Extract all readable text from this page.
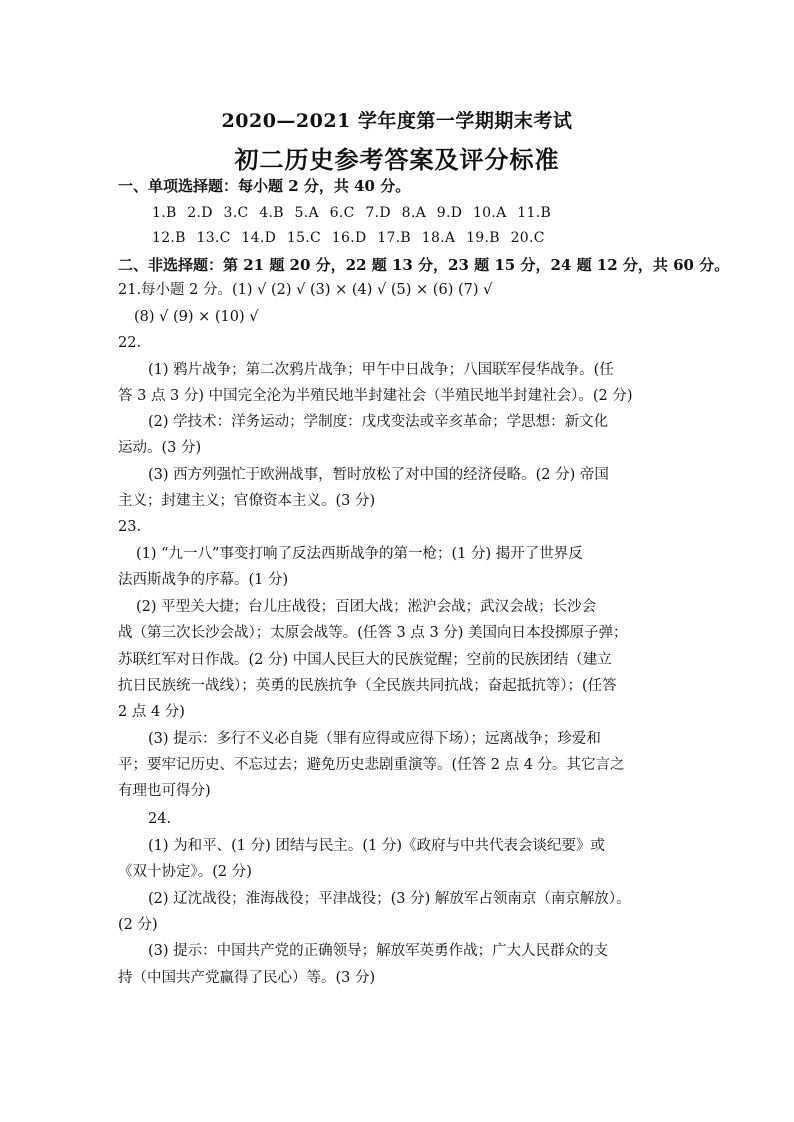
2020—2021 学年度第一学期期末考试
初二历史参考答案及评分标准
一、单项选择题：每小题 2 分，共 40 分。
1.B 2.D 3.C 4.B 5.A 6.C 7.D 8.A 9.D 10.A 11.B
12.B 13.C 14.D 15.C 16.D 17.B 18.A 19.B 20.C
二、非选择题：第 21 题 20 分，22 题 13 分，23 题 15 分，24 题 12 分，共 60 分。
21.每小题 2 分。(1) √ (2) √ (3) × (4) √ (5) × (6) (7) √
(8) √ (9) × (10) √
22.
(1) 鸦片战争；第二次鸦片战争；甲午中日战争；八国联军侵华战争。(任
答 3 点 3 分) 中国完全沦为半殖民地半封建社会（半殖民地半封建社会）。(2 分)
(2) 学技术：洋务运动；学制度：戊戌变法或辛亥革命；学思想：新文化
运动。(3 分)
(3) 西方列强忙于欧洲战事，暂时放松了对中国的经济侵略。(2 分) 帝国
主义；封建主义；官僚资本主义。(3 分)
23.
(1) “九一八”事变打响了反法西斯战争的第一枪；(1 分) 揭开了世界反
法西斯战争的序幕。(1 分)
(2) 平型关大捷；台儿庄战役；百团大战；淞沪会战；武汉会战；长沙会
战（第三次长沙会战）；太原会战等。(任答 3 点 3 分) 美国向日本投掷原子弹；
苏联红军对日作战。(2 分) 中国人民巨大的民族觉醒；空前的民族团结（建立
抗日民族统一战线）；英勇的民族抗争（全民族共同抗战；奋起抵抗等）；(任答
2 点 4 分)
(3) 提示：多行不义必自毙（罪有应得或应得下场）；远离战争；珍爱和
平；要牢记历史、不忘过去；避免历史悲剧重演等。(任答 2 点 4 分。其它言之
有理也可得分)
24.
(1) 为和平、(1 分) 团结与民主。(1 分)《政府与中共代表会谈纪要》或
《双十协定》。(2 分)
(2) 辽沈战役；淮海战役；平津战役；(3 分) 解放军占领南京（南京解放）。
(2 分)
(3) 提示：中国共产党的正确领导；解放军英勇作战；广大人民群众的支
持（中国共产党赢得了民心）等。(3 分)
